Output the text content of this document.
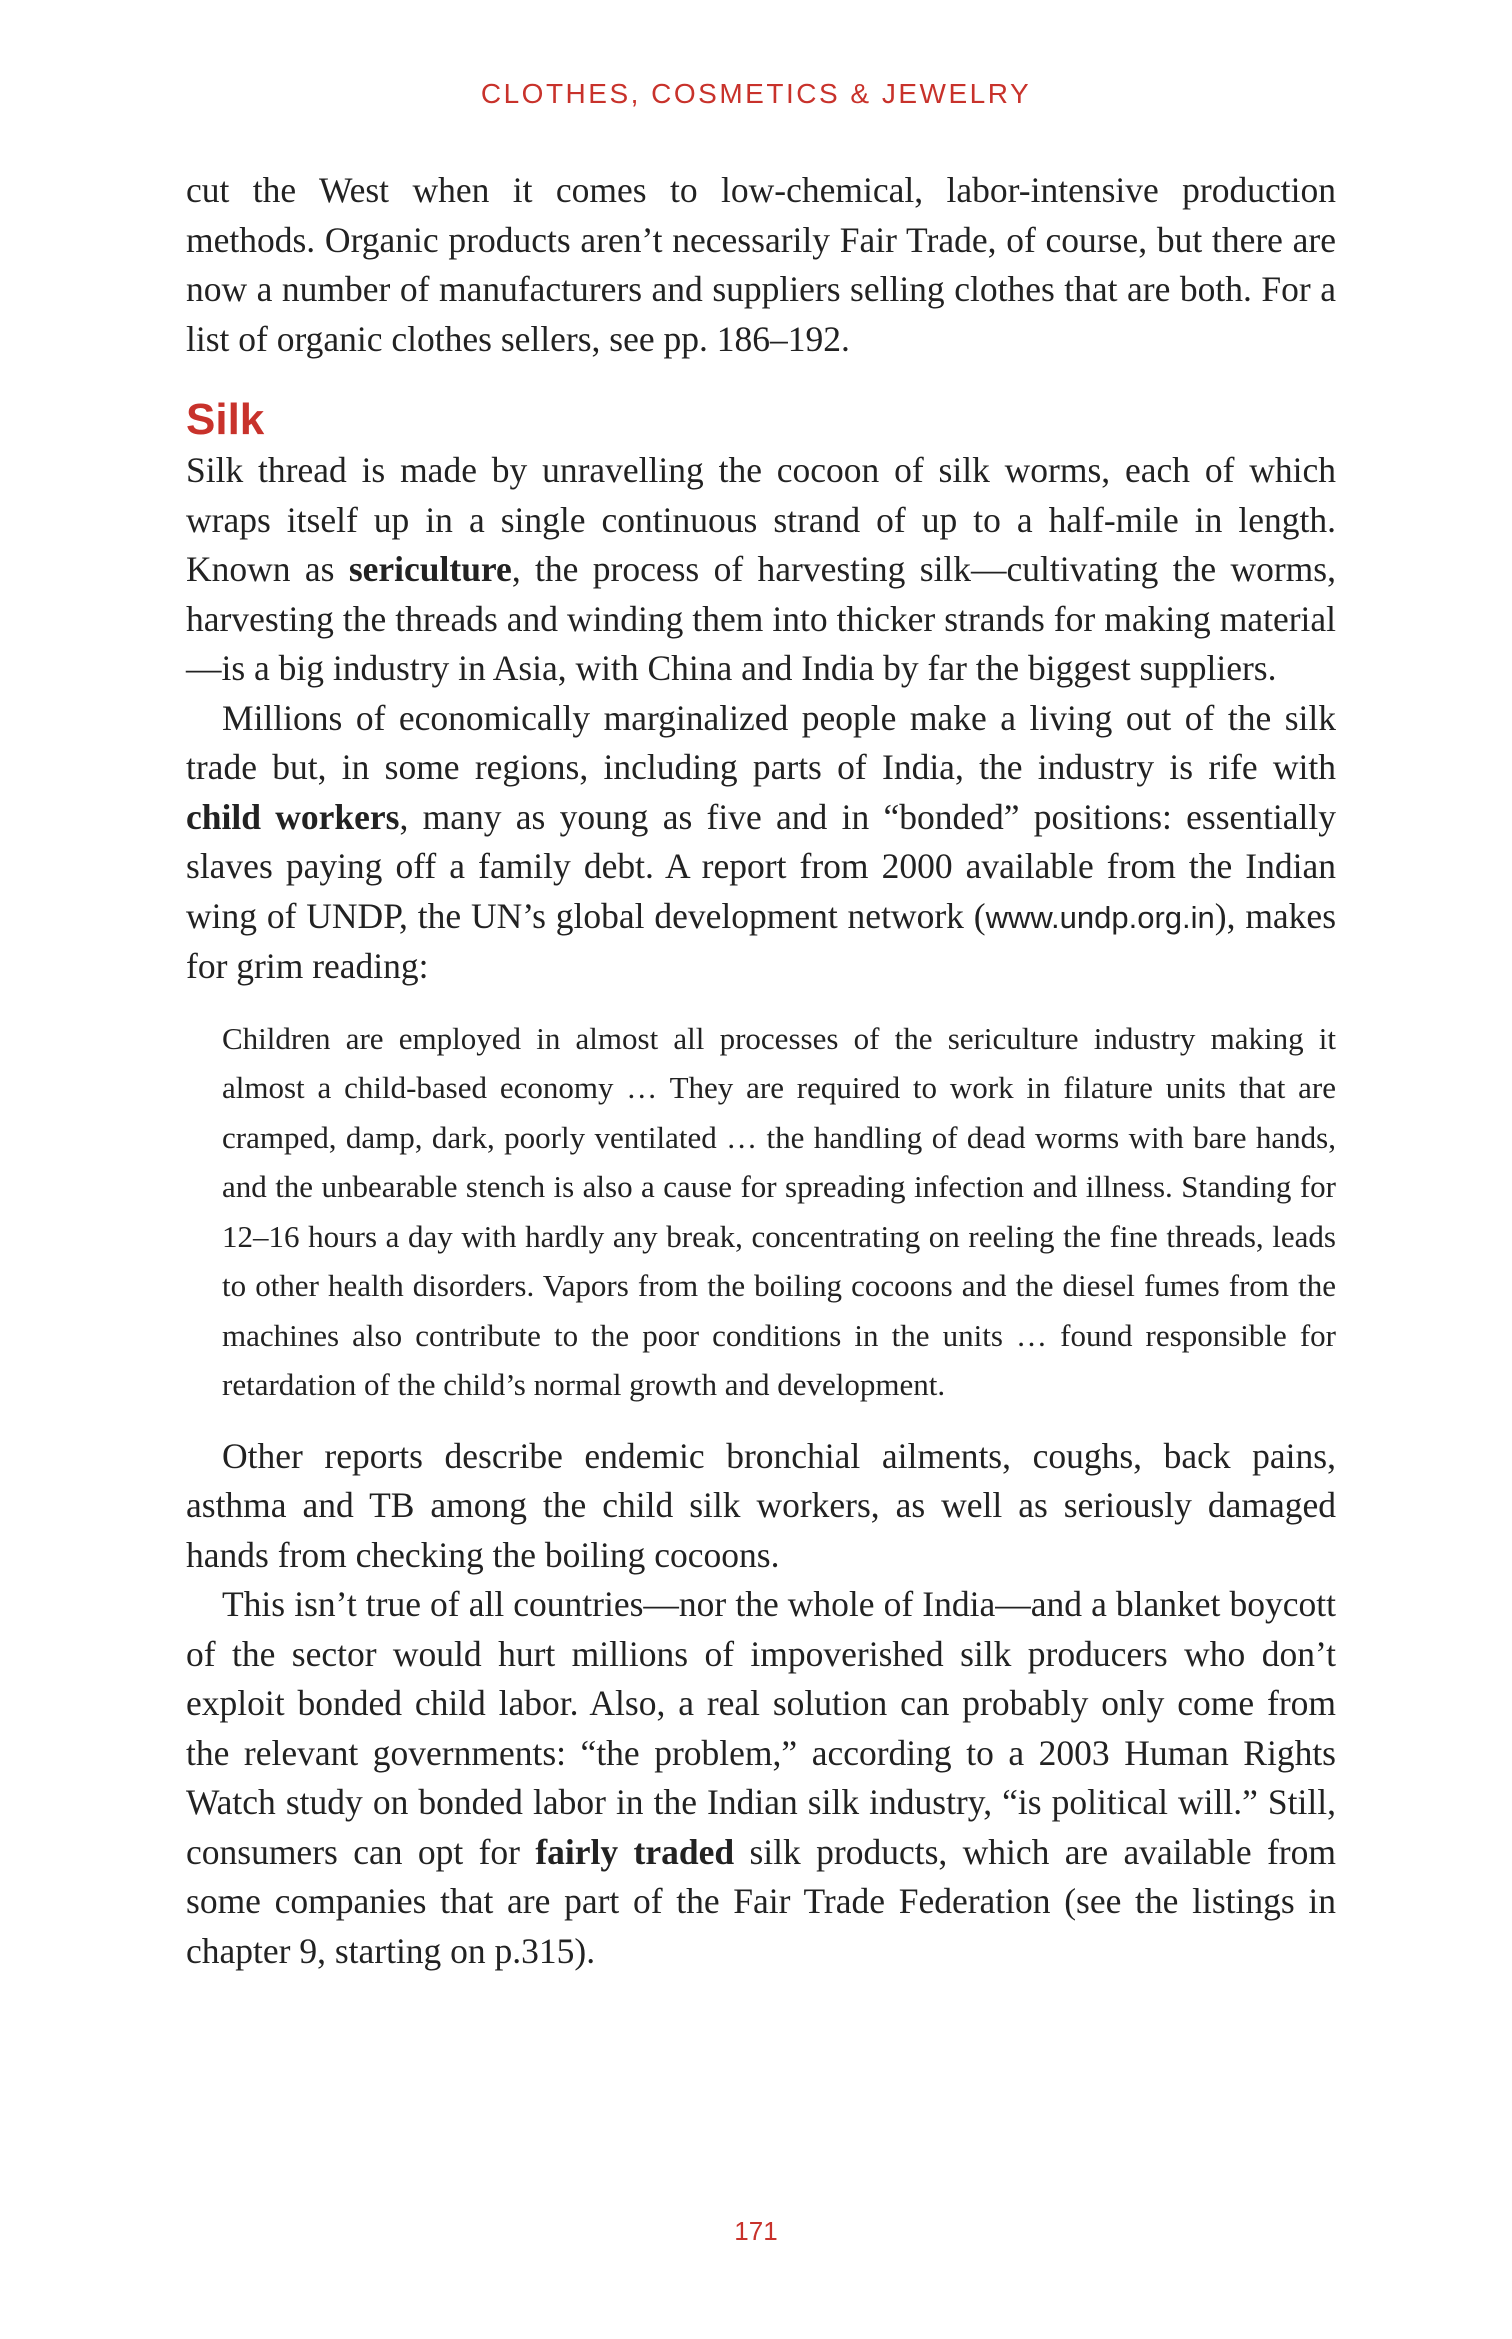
CLOTHES, COSMETICS & JEWELRY

cut the West when it comes to low-chemical, labor-intensive production methods. Organic products aren’t necessarily Fair Trade, of course, but there are now a number of manufacturers and suppliers selling clothes that are both. For a list of organic clothes sellers, see pp. 186–192.

Silk

Silk thread is made by unravelling the cocoon of silk worms, each of which wraps itself up in a single continuous strand of up to a half-mile in length. Known as sericulture, the process of harvesting silk—cultivating the worms, harvesting the threads and winding them into thicker strands for making material—is a big industry in Asia, with China and India by far the biggest suppliers.

Millions of economically marginalized people make a living out of the silk trade but, in some regions, including parts of India, the industry is rife with child workers, many as young as five and in “bonded” positions: essentially slaves paying off a family debt. A report from 2000 available from the Indian wing of UNDP, the UN’s global development network (www.undp.org.in), makes for grim reading:

Children are employed in almost all processes of the sericulture industry making it almost a child-based economy … They are required to work in filature units that are cramped, damp, dark, poorly ventilated … the handling of dead worms with bare hands, and the unbearable stench is also a cause for spreading infection and illness. Standing for 12–16 hours a day with hardly any break, concentrating on reeling the fine threads, leads to other health disorders. Vapors from the boiling cocoons and the diesel fumes from the machines also contribute to the poor conditions in the units … found responsible for retardation of the child’s normal growth and development.

Other reports describe endemic bronchial ailments, coughs, back pains, asthma and TB among the child silk workers, as well as seriously damaged hands from checking the boiling cocoons.

This isn’t true of all countries—nor the whole of India—and a blanket boycott of the sector would hurt millions of impoverished silk producers who don’t exploit bonded child labor. Also, a real solution can probably only come from the relevant governments: “the problem,” according to a 2003 Human Rights Watch study on bonded labor in the Indian silk industry, “is political will.” Still, consumers can opt for fairly traded silk products, which are available from some companies that are part of the Fair Trade Federation (see the listings in chapter 9, starting on p.315).

171
